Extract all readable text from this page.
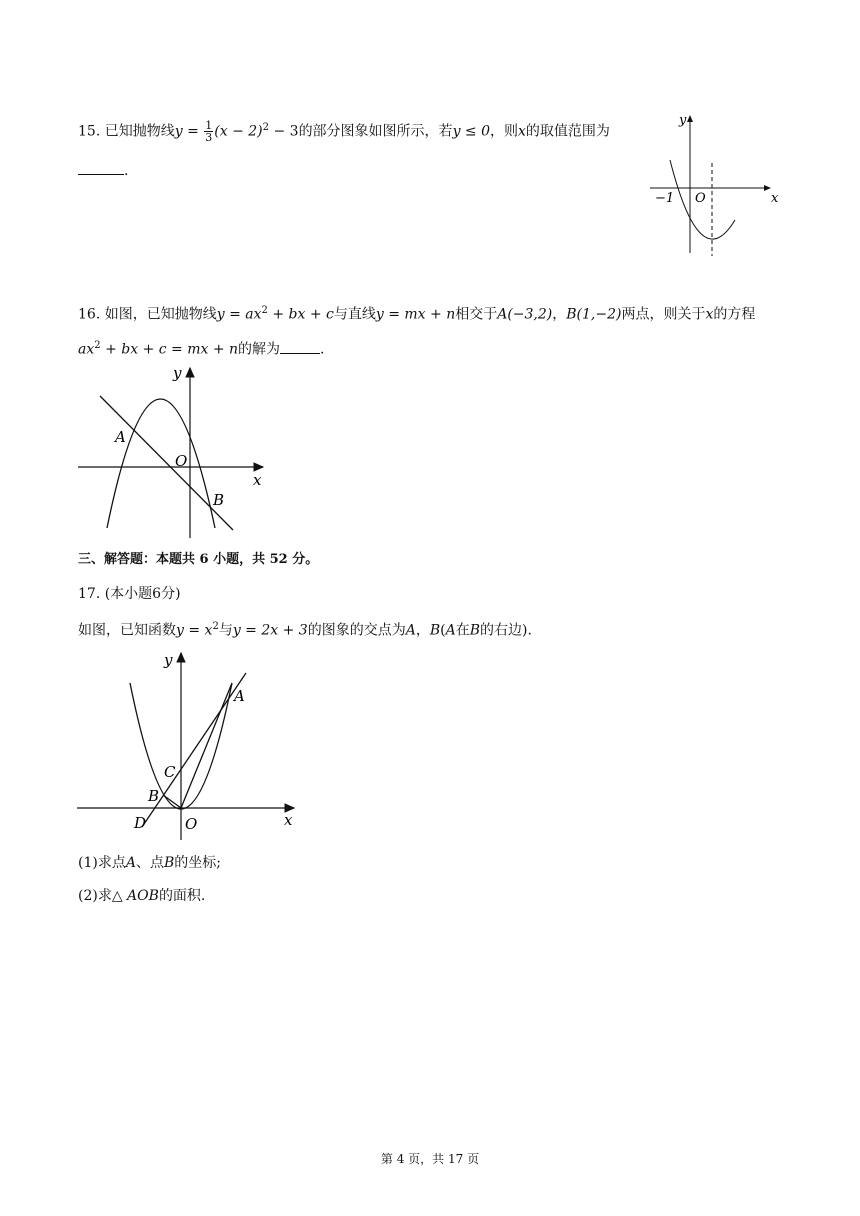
15. 已知抛物线$y = \frac{1}{3} (x - 2)^2 - 3$的部分图象如图所示，若y ≤ 0，则x的取值范围为
.
y
x
O
−1
16. 如图，已知抛物线$y = ax^2$ + bx + c与直线y = mx + n相交于A(−3,2)，B(1,−2)两点，则关于x的方程
$ax^2$ + bx + c = mx + n的解为	.
y
x
O
A
B
三、解答题：本题共 6 小题，共 52 分。
17. (本小题6分)
如图，已知函数$y = x^2$与y = 2x + 3的图象的交点为A，B(A在B的右边).
y
x
O
A
B
C
D
(1)求点A、点B的坐标;
(2)求△ AOB的面积.
第 4 页，共 17 页
